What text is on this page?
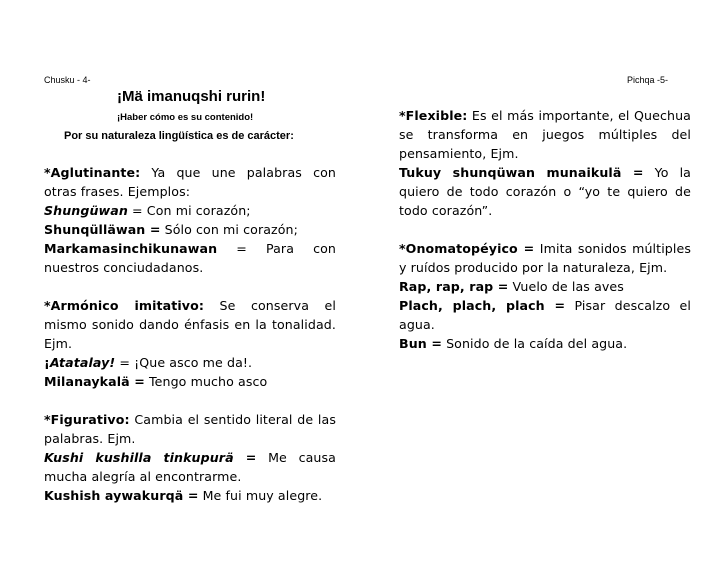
Chusku - 4-	Pichqa -5-
¡Mä imanuqshi rurin!
¡Haber cómo es su contenido!
Por su naturaleza lingüística es de carácter:

*Aglutinante: Ya que une palabras con otras frases. Ejemplos:

Shungüwan = Con mi corazón;

Shunqülläwan = Sólo con mi corazón;

Markamasinchikunawan = Para con nuestros conciudadanos.

*Armónico imitativo: Se conserva el mismo sonido dando énfasis en la tonalidad. Ejm.

¡Atatalay! = ¡Que asco me da!.

Milanaykalä = Tengo mucho asco

*Figurativo: Cambia el sentido literal de las palabras. Ejm.

Kushi kushilla tinkupurä = Me causa mucha alegría al encontrarme.

Kushish aywakurqä = Me fui muy alegre.

*Flexible: Es el más importante, el Quechua se transforma en juegos múltiples del pensamiento, Ejm.

Tukuy shunqüwan munaikulä = Yo la quiero de todo corazón o “yo te quiero de todo corazón”.

*Onomatopéyico = Imita sonidos múltiples y ruídos producido por la naturaleza, Ejm.

Rap, rap, rap = Vuelo de las aves

Plach, plach, plach = Pisar descalzo el agua.

Bun = Sonido de la caída del agua.
